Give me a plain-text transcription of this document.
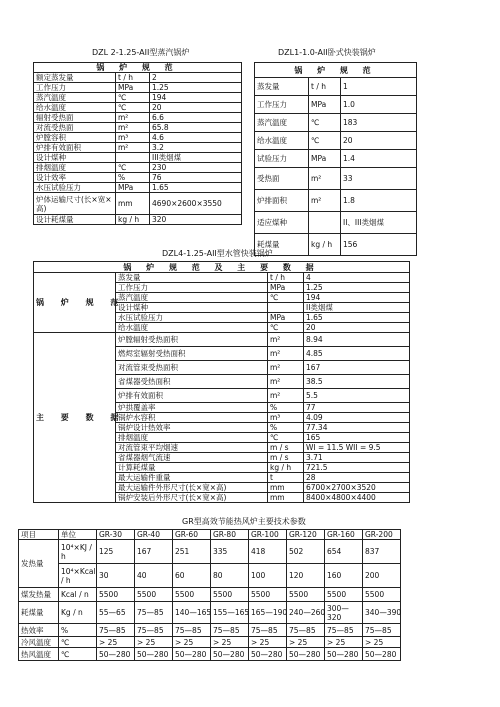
DZL 2-1.25-AII型蒸汽锅炉
锅 炉 规 范		
额定蒸发量	t / h	2
工作压力	MPa	1.25
蒸汽温度	℃	194
给水温度	℃	20
辐射受热面	m²	6.6
对流受热面	m²	65.8
炉膛容积	m³	4.6
炉排有效面积	m²	3.2
设计煤种		III类烟煤
排烟温度	℃	230
设计效率	%	76
水压试验压力	MPa	1.65
炉体运输尺寸(长×宽×高)	mm	4690×2600×3550
设计耗煤量	kg / h	320
DZL1-1.0-AII卧式快装锅炉
锅 炉 规 范		
蒸发量	t / h	1
工作压力	MPa	1.0
蒸汽温度	℃	183
给水温度	℃	20
试验压力	MPa	1.4
受热面	m²	33
炉排面积	m²	1.8
适应煤种		II、III类烟煤
耗煤量	kg / h	156
DZL4-1.25-AII型水管快装锅炉
锅 炉 规 范 及 主 要 数 据			
锅 炉 规 范	蒸发量	t / h	4
	工作压力	MPa	1.25
	蒸汽温度	℃	194
	设计煤种		II类烟煤
	水压试验压力	MPa	1.65
	给水温度	℃	20
主 要 数 据	炉膛辐射受热面积	m²	8.94
	燃烬室辐射受热面积	m²	4.85
	对流管束受热面积	m²	167
	省煤器受热面积	m²	38.5
	炉排有效面积	m²	5.5
	炉拱覆盖率	%	77
	锅炉水容积	m³	4.09
	锅炉设计热效率	%	77.34
	排烟温度	℃	165
	对流管束平均烟速	m / s	WI = 11.5 WII = 9.5
	省煤器烟气流速	m / s	3.71
	计算耗煤量	kg / h	721.5
	最大运输件重量	t	28
	最大运输件外形尺寸(长×宽×高)	mm	6700×2700×3520
	锅炉安装后外形尺寸(长×宽×高)	mm	8400×4800×4400
GR型高效节能热风炉主要技术参数
项目	单位	GR-30	GR-40	GR-60	GR-80	GR-100	GR-120	GR-160	GR-200
发热量	10⁴×KJ / h	125	167	251	335	418	502	654	837
	10⁴×Kcal / h	30	40	60	80	100	120	160	200
煤发热量	Kcal / n	5500	5500	5500	5500	5500	5500	5500	5500
耗煤量	Kg / n	55—65	75—85	140—165	155—165	165—190	240—260	300—320	340—390
热效率	%	75—85	75—85	75—85	75—85	75—85	75—85	75—85	75—85
冷风温度	℃	> 25	> 25	> 25	> 25	> 25	> 25	> 25	> 25
热风温度	℃	50—280	50—280	50—280	50—280	50—280	50—280	50—280	50—280
